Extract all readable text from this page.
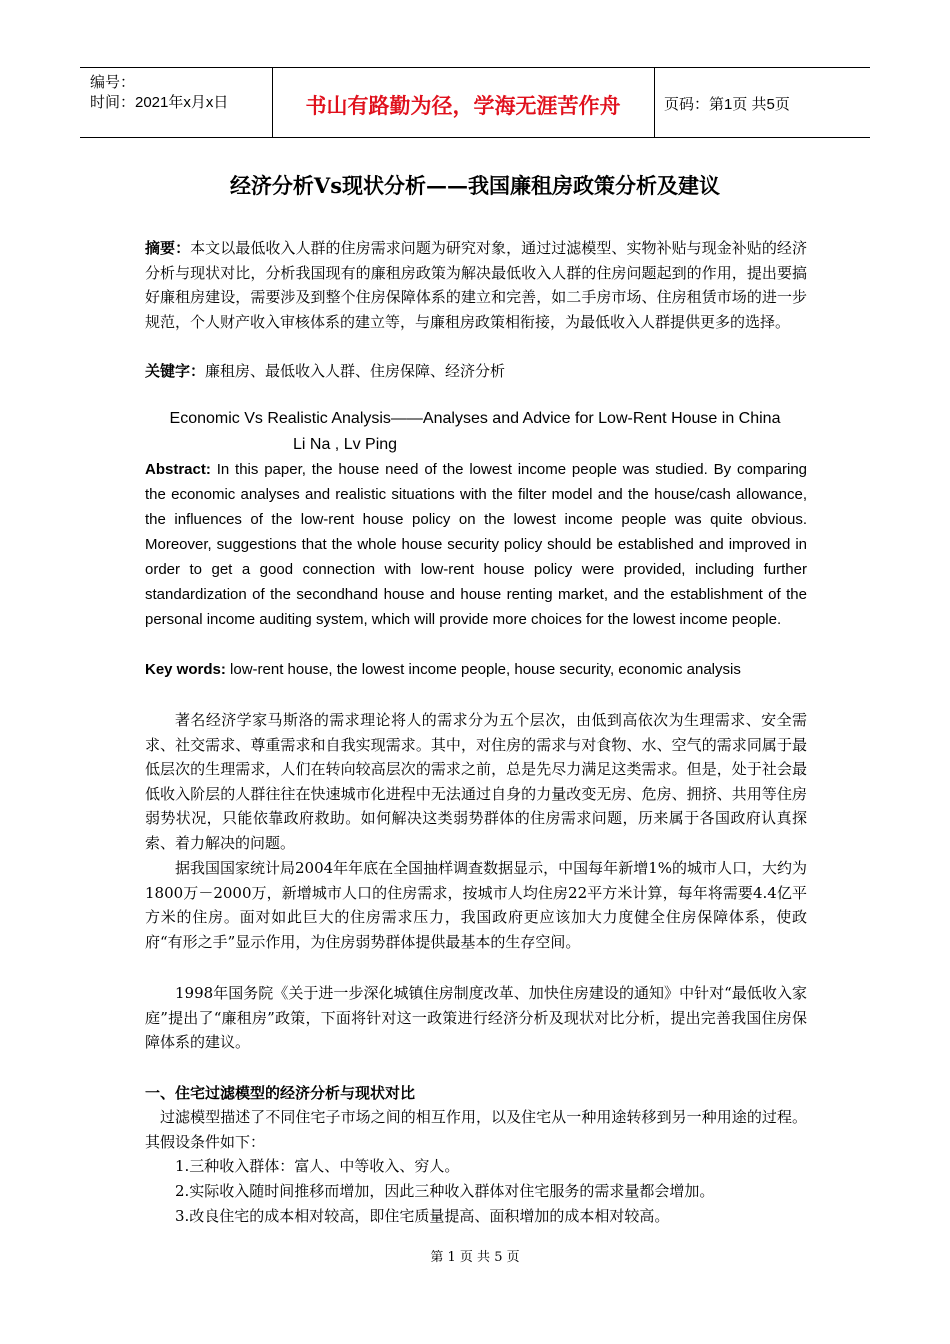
编号：
时间：2021年x月x日	书山有路勤为径，学海无涯苦作舟	页码：第1页 共5页
经济分析Vs现状分析——我国廉租房政策分析及建议
摘要：本文以最低收入人群的住房需求问题为研究对象，通过过滤模型、实物补贴与现金补贴的经济分析与现状对比，分析我国现有的廉租房政策为解决最低收入人群的住房问题起到的作用，提出要搞好廉租房建设，需要涉及到整个住房保障体系的建立和完善，如二手房市场、住房租赁市场的进一步规范，个人财产收入审核体系的建立等，与廉租房政策相衔接，为最低收入人群提供更多的选择。
关键字：廉租房、最低收入人群、住房保障、经济分析
Economic Vs Realistic Analysis——Analyses and Advice for Low-Rent House in China
Li Na , Lv Ping
Abstract: In this paper, the house need of the lowest income people was studied. By comparing the economic analyses and realistic situations with the filter model and the house/cash allowance, the influences of the low-rent house policy on the lowest income people was quite obvious. Moreover, suggestions that the whole house security policy should be established and improved in order to get a good connection with low-rent house policy were provided, including further standardization of the secondhand house and house renting market, and the establishment of the personal income auditing system, which will provide more choices for the lowest income people.
Key words: low-rent house, the lowest income people, house security, economic analysis
著名经济学家马斯洛的需求理论将人的需求分为五个层次，由低到高依次为生理需求、安全需求、社交需求、尊重需求和自我实现需求。其中，对住房的需求与对食物、水、空气的需求同属于最低层次的生理需求，人们在转向较高层次的需求之前，总是先尽力满足这类需求。但是，处于社会最低收入阶层的人群往往在快速城市化进程中无法通过自身的力量改变无房、危房、拥挤、共用等住房弱势状况，只能依靠政府救助。如何解决这类弱势群体的住房需求问题，历来属于各国政府认真探索、着力解决的问题。
据我国国家统计局2004年年底在全国抽样调查数据显示，中国每年新增1%的城市人口，大约为1800万－2000万，新增城市人口的住房需求，按城市人均住房22平方米计算，每年将需要4.4亿平方米的住房。面对如此巨大的住房需求压力，我国政府更应该加大力度健全住房保障体系，使政府“有形之手”显示作用，为住房弱势群体提供最基本的生存空间。
1998年国务院《关于进一步深化城镇住房制度改革、加快住房建设的通知》中针对“最低收入家庭”提出了“廉租房”政策，下面将针对这一政策进行经济分析及现状对比分析，提出完善我国住房保障体系的建议。
一、住宅过滤模型的经济分析与现状对比
过滤模型描述了不同住宅子市场之间的相互作用，以及住宅从一种用途转移到另一种用途的过程。其假设条件如下：
1.三种收入群体：富人、中等收入、穷人。
2.实际收入随时间推移而增加，因此三种收入群体对住宅服务的需求量都会增加。
3.改良住宅的成本相对较高，即住宅质量提高、面积增加的成本相对较高。
第 1 页 共 5 页
